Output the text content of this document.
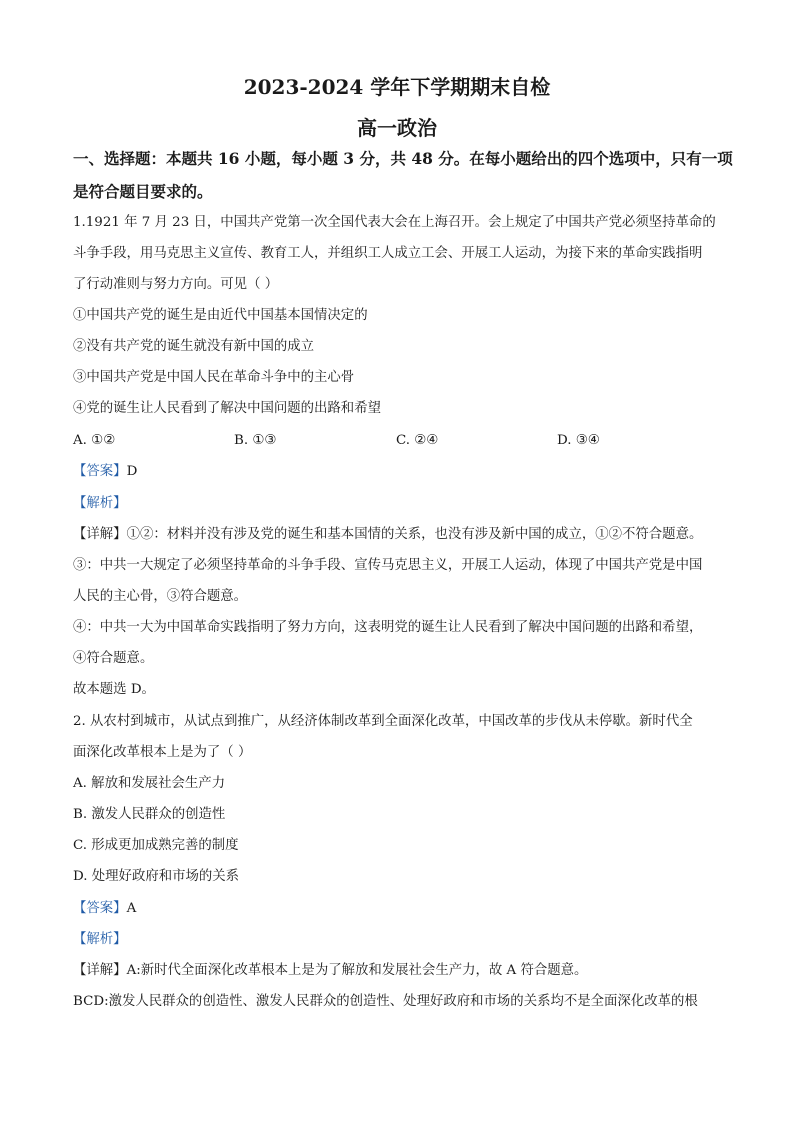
2023-2024 学年下学期期末自检
高一政治
一、选择题：本题共 16 小题，每小题 3 分，共 48 分。在每小题给出的四个选项中，只有一项
是符合题目要求的。
1.1921 年 7 月 23 日，中国共产党第一次全国代表大会在上海召开。会上规定了中国共产党必须坚持革命的
斗争手段，用马克思主义宣传、教育工人，并组织工人成立工会、开展工人运动，为接下来的革命实践指明
了行动准则与努力方向。可见（ ）
①中国共产党的诞生是由近代中国基本国情决定的
②没有共产党的诞生就没有新中国的成立
③中国共产党是中国人民在革命斗争中的主心骨
④党的诞生让人民看到了解决中国问题的出路和希望
A. ①②	B. ①③	C. ②④	D. ③④
【答案】D
【解析】
【详解】①②：材料并没有涉及党的诞生和基本国情的关系，也没有涉及新中国的成立，①②不符合题意。
③：中共一大规定了必须坚持革命的斗争手段、宣传马克思主义，开展工人运动，体现了中国共产党是中国
人民的主心骨，③符合题意。
④：中共一大为中国革命实践指明了努力方向，这表明党的诞生让人民看到了解决中国问题的出路和希望，
④符合题意。
故本题选 D。
2. 从农村到城市，从试点到推广，从经济体制改革到全面深化改革，中国改革的步伐从未停歇。新时代全
面深化改革根本上是为了（ ）
A. 解放和发展社会生产力
B. 激发人民群众的创造性
C. 形成更加成熟完善的制度
D. 处理好政府和市场的关系
【答案】A
【解析】
【详解】A:新时代全面深化改革根本上是为了解放和发展社会生产力，故 A 符合题意。
BCD:激发人民群众的创造性、激发人民群众的创造性、处理好政府和市场的关系均不是全面深化改革的根
